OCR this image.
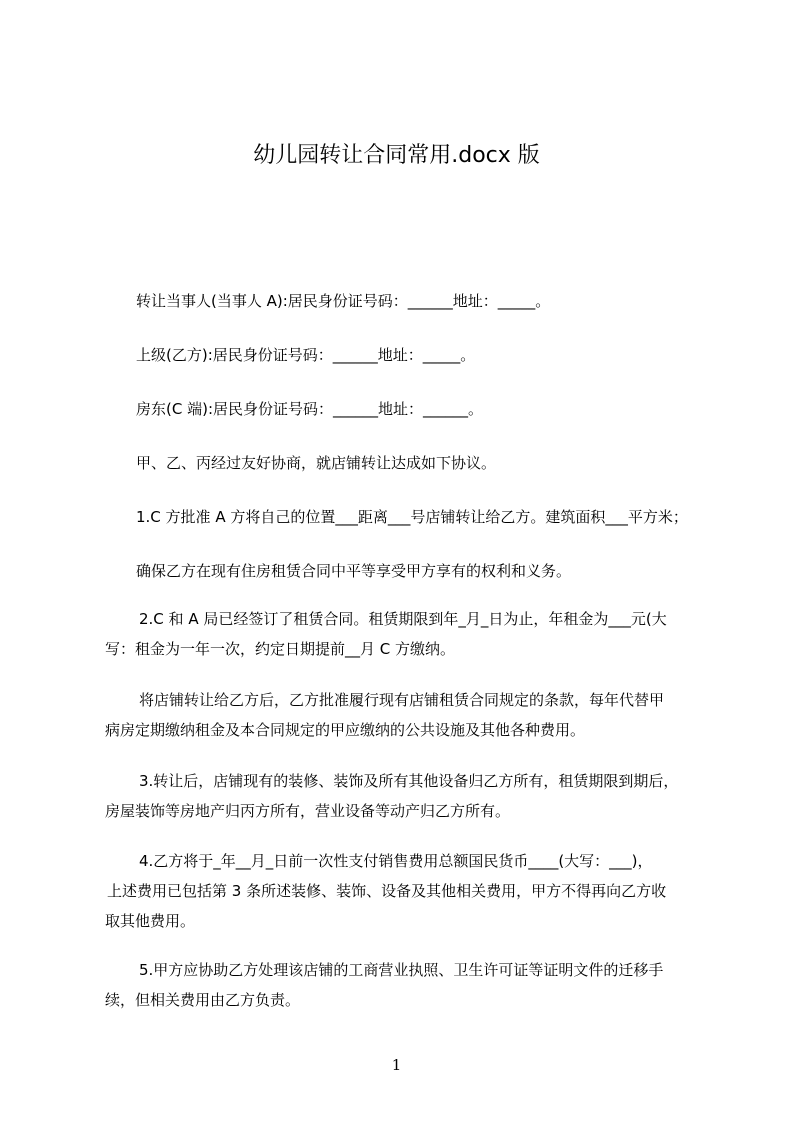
幼儿园转让合同常用.docx 版
转让当事人(当事人 A):居民身份证号码：______地址：_____。
上级(乙方):居民身份证号码：______地址：_____。
房东(C 端):居民身份证号码：______地址：______。
甲、乙、丙经过友好协商，就店铺转让达成如下协议。
1.C 方批准 A 方将自己的位置___距离___号店铺转让给乙方。建筑面积___平方米；
确保乙方在现有住房租赁合同中平等享受甲方享有的权利和义务。
2.C 和 A 局已经签订了租赁合同。租赁期限到年_月_日为止，年租金为___元(大
写：租金为一年一次，约定日期提前__月 C 方缴纳。
将店铺转让给乙方后，乙方批准履行现有店铺租赁合同规定的条款，每年代替甲
病房定期缴纳租金及本合同规定的甲应缴纳的公共设施及其他各种费用。
3.转让后，店铺现有的装修、装饰及所有其他设备归乙方所有，租赁期限到期后，
房屋装饰等房地产归丙方所有，营业设备等动产归乙方所有。
4.乙方将于_年__月_日前一次性支付销售费用总额国民货币____(大写：___)，
上述费用已包括第 3 条所述装修、装饰、设备及其他相关费用，甲方不得再向乙方收
取其他费用。
5.甲方应协助乙方处理该店铺的工商营业执照、卫生许可证等证明文件的迁移手
续，但相关费用由乙方负责。
1
